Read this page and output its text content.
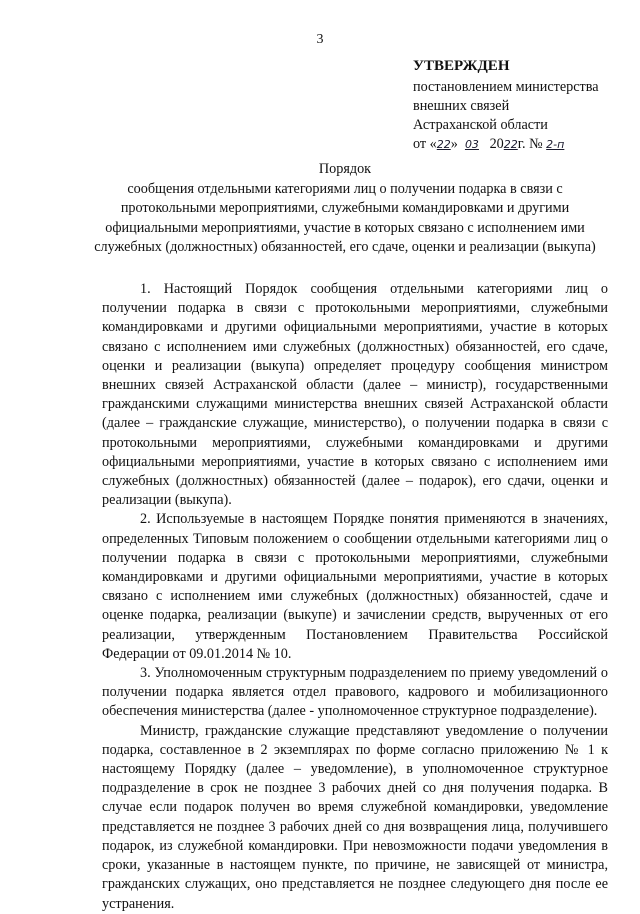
3
УТВЕРЖДЕН
постановлением министерства
внешних связей
Астраханской области
от «22» 03 2022г. № 2-п
Порядок
сообщения отдельными категориями лиц о получении подарка в связи с протокольными мероприятиями, служебными командировками и другими официальными мероприятиями, участие в которых связано с исполнением ими служебных (должностных) обязанностей, его сдаче, оценки и реализации (выкупа)

1. Настоящий Порядок сообщения отдельными категориями лиц о получении подарка в связи с протокольными мероприятиями, служебными командировками и другими официальными мероприятиями, участие в которых связано с исполнением ими служебных (должностных) обязанностей, его сдаче, оценки и реализации (выкупа) определяет процедуру сообщения министром внешних связей Астраханской области (далее – министр), государственными гражданскими служащими министерства внешних связей Астраханской области (далее – гражданские служащие, министерство), о получении подарка в связи с протокольными мероприятиями, служебными командировками и другими официальными мероприятиями, участие в которых связано с исполнением ими служебных (должностных) обязанностей (далее – подарок), его сдачи, оценки и реализации (выкупа).

2. Используемые в настоящем Порядке понятия применяются в значениях, определенных Типовым положением о сообщении отдельными категориями лиц о получении подарка в связи с протокольными мероприятиями, служебными командировками и другими официальными мероприятиями, участие в которых связано с исполнением ими служебных (должностных) обязанностей, сдаче и оценке подарка, реализации (выкупе) и зачислении средств, вырученных от его реализации, утвержденным Постановлением Правительства Российской Федерации от 09.01.2014 № 10.

3. Уполномоченным структурным подразделением по приему уведомлений о получении подарка является отдел правового, кадрового и мобилизационного обеспечения министерства (далее - уполномоченное структурное подразделение).

Министр, гражданские служащие представляют уведомление о получении подарка, составленное в 2 экземплярах по форме согласно приложению № 1 к настоящему Порядку (далее – уведомление), в уполномоченное структурное подразделение в срок не позднее 3 рабочих дней со дня получения подарка. В случае если подарок получен во время служебной командировки, уведомление представляется не позднее 3 рабочих дней со дня возвращения лица, получившего подарок, из служебной командировки. При невозможности подачи уведомления в сроки, указанные в настоящем пункте, по причине, не зависящей от министра, гражданских служащих, оно представляется не позднее следующего дня после ее устранения.
